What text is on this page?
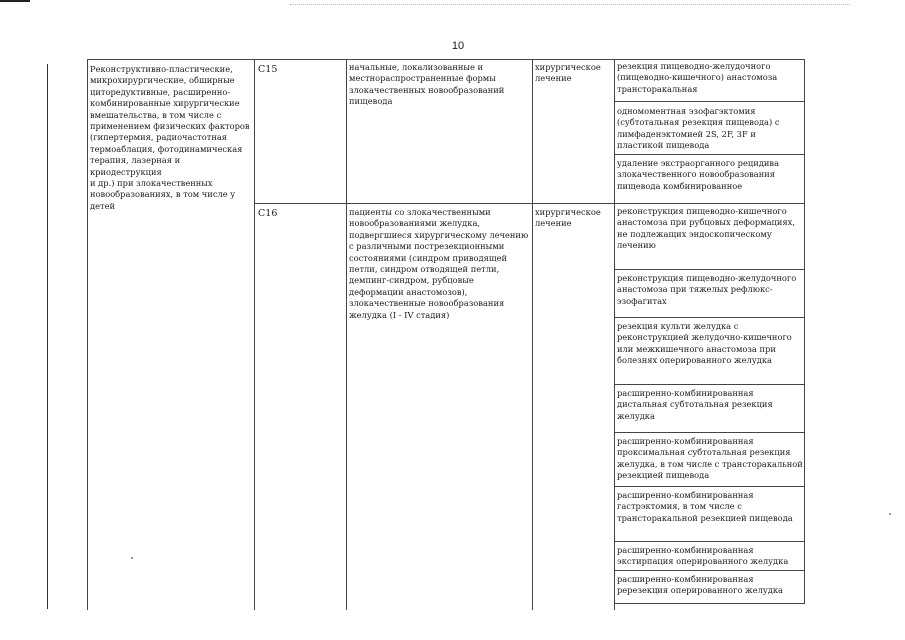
10
Реконструктивно-пластические,
микрохирургические, обширные
циторедуктивные, расширенно-
комбинированные хирургические
вмешательства, в том числе с
применением физических факторов
(гипертермия, радиочастотная
термоаблация, фотодинамическая
терапия, лазерная и криодеструкция
и др.) при злокачественных
новообразованиях, в том числе у
детей
C15	начальные, локализованные и
местнораспространенные формы
злокачественных новообразований
пищевода
хирургическое
лечение
резекция пищеводно-желудочного
(пищеводно-кишечного) анастомоза
трансторакальная
одномоментная эзофагэктомия
(субтотальная резекция пищевода) с
лимфаденэктомией 2S, 2F, 3F и
пластикой пищевода
удаление экстраорганного рецидива
злокачественного новообразования
пищевода комбинированное
C16	пациенты со злокачественными
новообразованиями желудка,
подвергшиеся хирургическому лечению
с различными пострезекционными
состояниями (синдром приводящей
петли, синдром отводящей петли,
демпинг-синдром, рубцовые
деформации анастомозов),
злокачественные новообразования
желудка (I - IV стадия)
хирургическое
лечение
реконструкция пищеводно-кишечного
анастомоза при рубцовых деформациях,
не подлежащих эндоскопическому
лечению
реконструкция пищеводно-желудочного
анастомоза при тяжелых рефлюкс-
эзофагитах
резекция культи желудка с
реконструкцией желудочно-кишечного
или межкишечного анастомоза при
болезнях оперированного желудка
расширенно-комбинированная
дистальная субтотальная резекция
желудка
расширенно-комбинированная
проксимальная субтотальная резекция
желудка, в том числе с трансторакальной
резекцией пищевода
расширенно-комбинированная
гастрэктомия, в том числе с
трансторакальной резекцией пищевода
расширенно-комбинированная
экстирпация оперированного желудка
расширенно-комбинированная
ререзекция оперированного желудка
